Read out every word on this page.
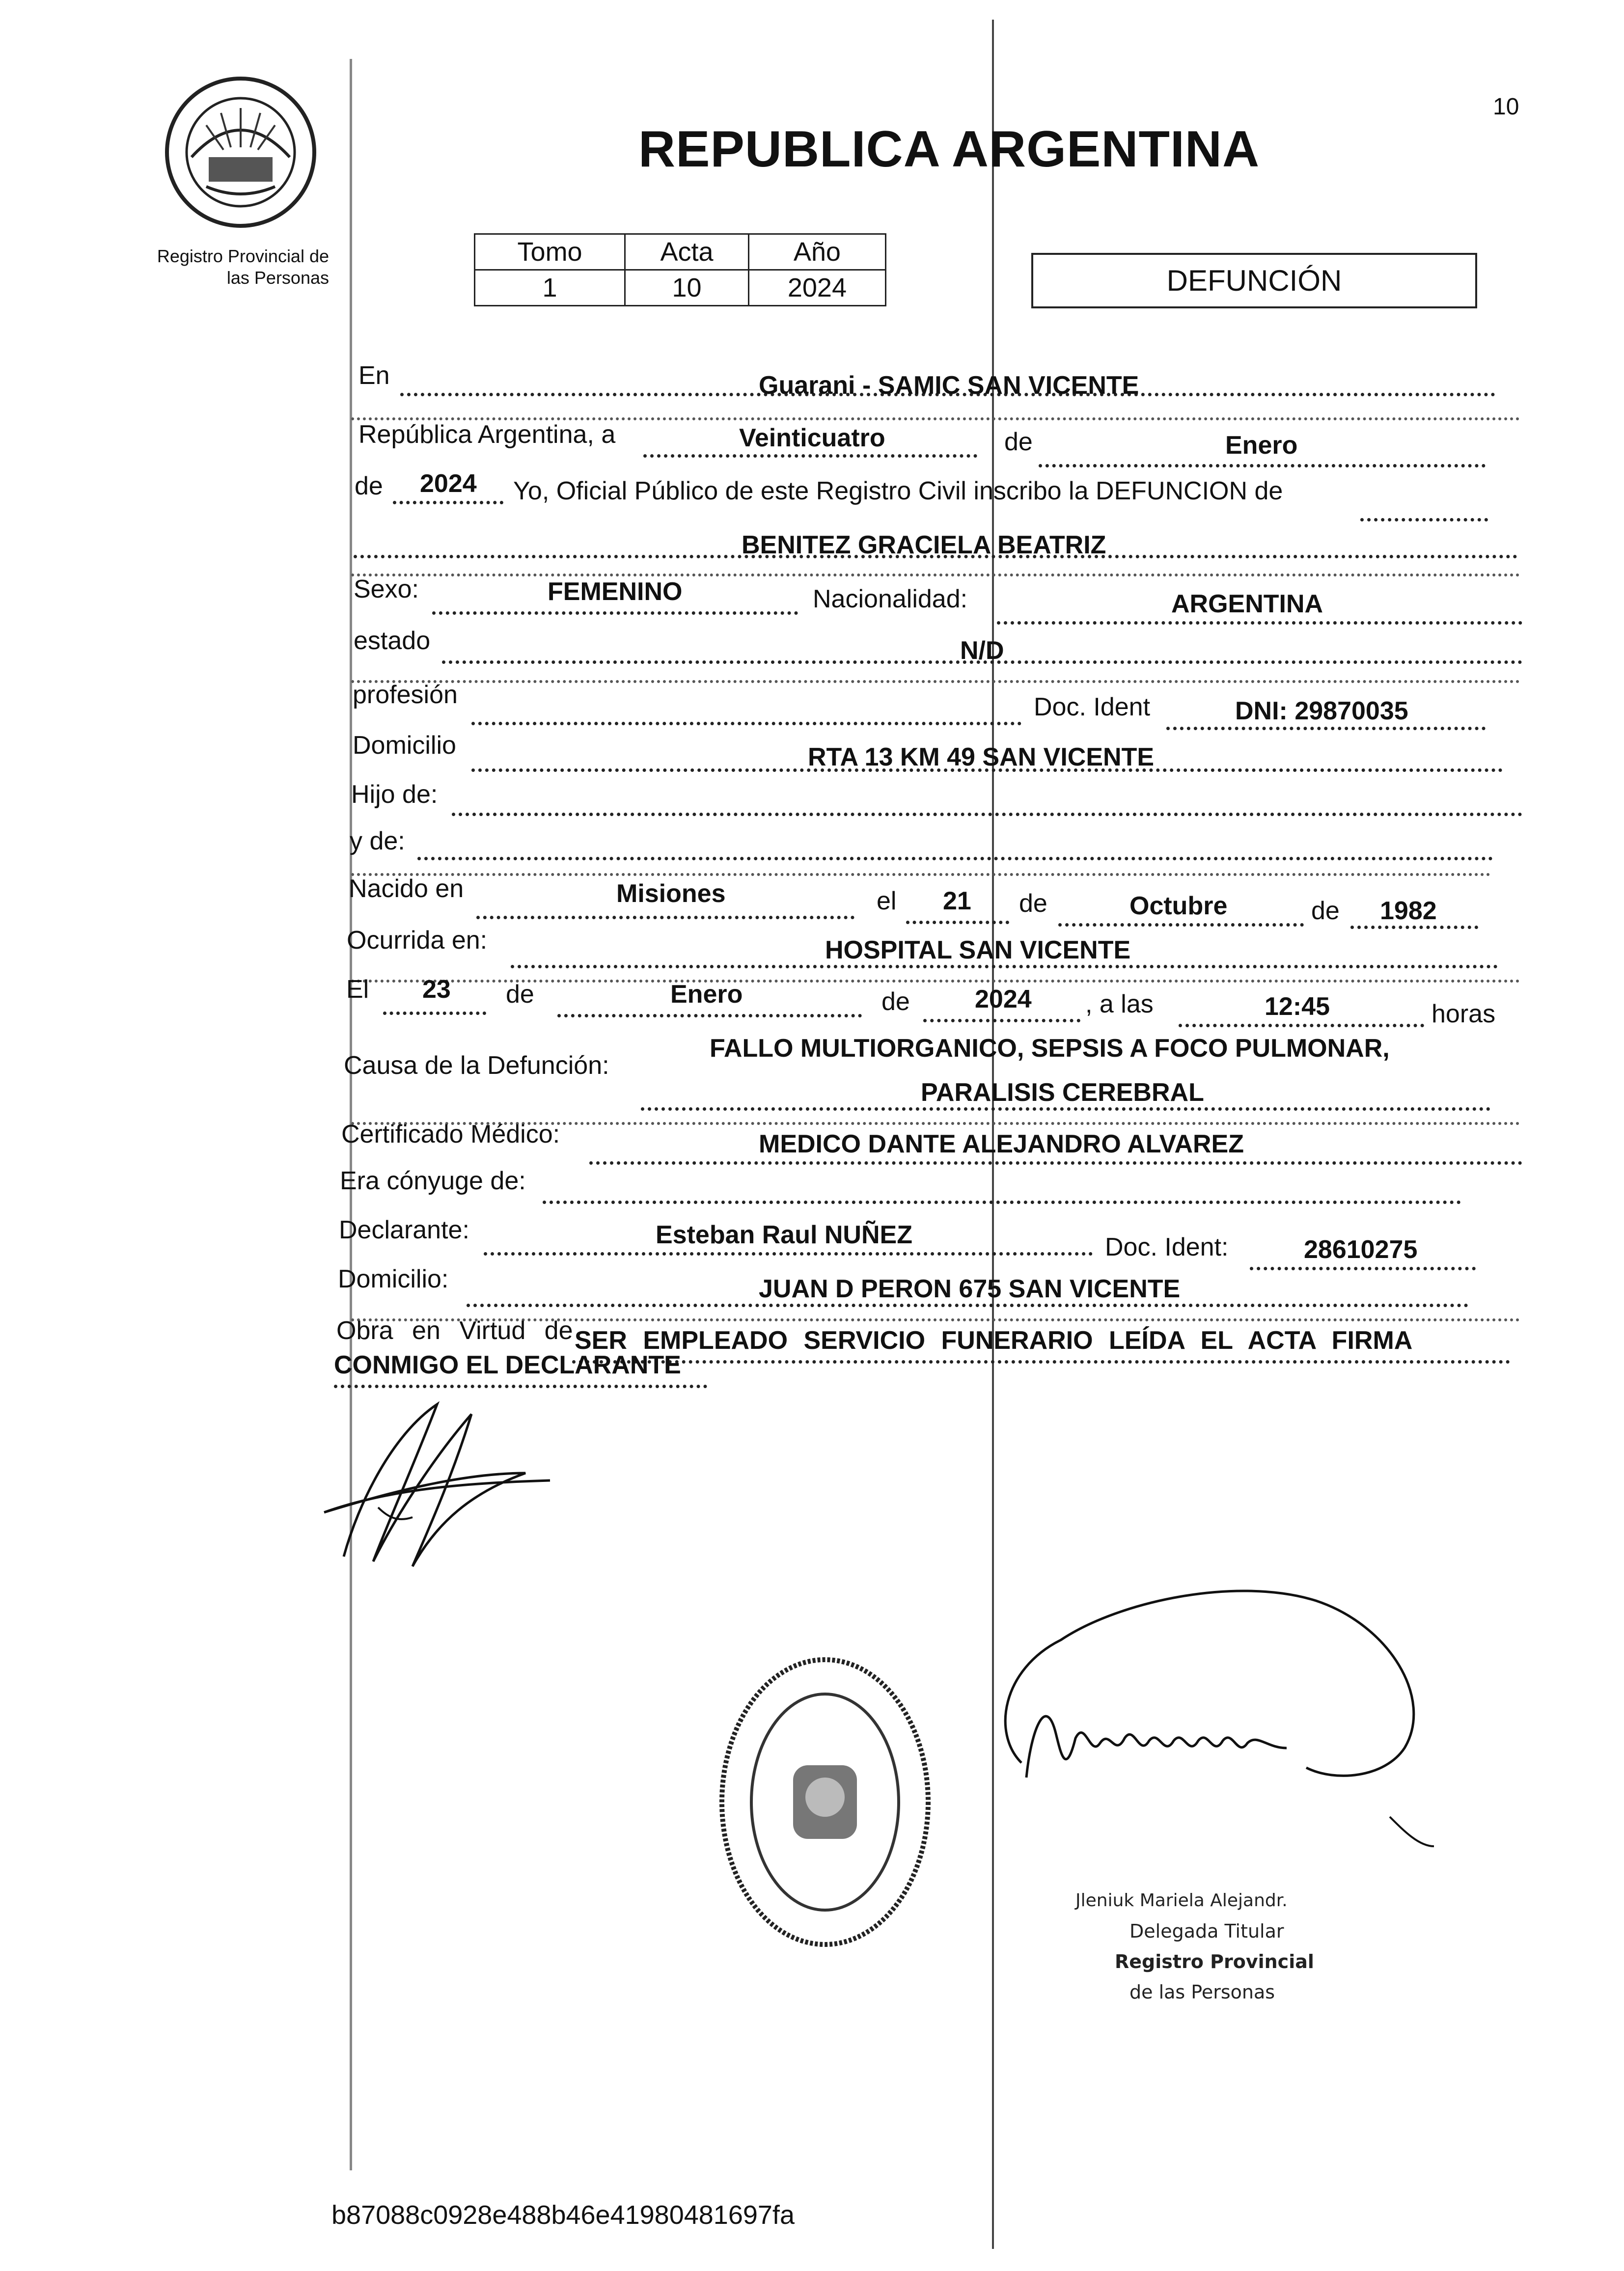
Registro Provincial de
las Personas
REPUBLICA ARGENTINA
10
Tomo	Acta	Año
1	10	2024	DEFUNCIÓN
En	Guarani - SAMIC SAN VICENTE
República Argentina, a	Veinticuatro	de	Enero
de 2024 Yo, Oficial Público de este Registro Civil inscribo la DEFUNCION de
BENITEZ GRACIELA BEATRIZ
Sexo:	FEMENINO	Nacionalidad:	ARGENTINA
estado	N/D
profesión	Doc. Ident	DNI: 29870035
Domicilio	RTA 13 KM 49 SAN VICENTE
Hijo de:
y de:
Nacido en	Misiones	el 21 de	Octubre	de 1982
Ocurrida en:	HOSPITAL SAN VICENTE
El 23 de	Enero	de	2024 , a las	12:45	horas
Causa de la Defunción:
FALLO MULTIORGANICO, SEPSIS A FOCO PULMONAR,
PARALISIS CEREBRAL
Certificado Médico:	MEDICO DANTE ALEJANDRO ALVAREZ
Era cónyuge de:
Declarante:	Esteban Raul NUÑEZ	Doc. Ident:	28610275
Domicilio:	JUAN D PERON 675 SAN VICENTE
Obra en Virtud de SER EMPLEADO SERVICIO FUNERARIO LEÍDA EL ACTA FIRMA
CONMIGO EL DECLARANTE
Jleniuk Mariela Alejandr.
Delegada Titular
Registro Provincial
de las Personas
b87088c0928e488b46e41980481697fa
